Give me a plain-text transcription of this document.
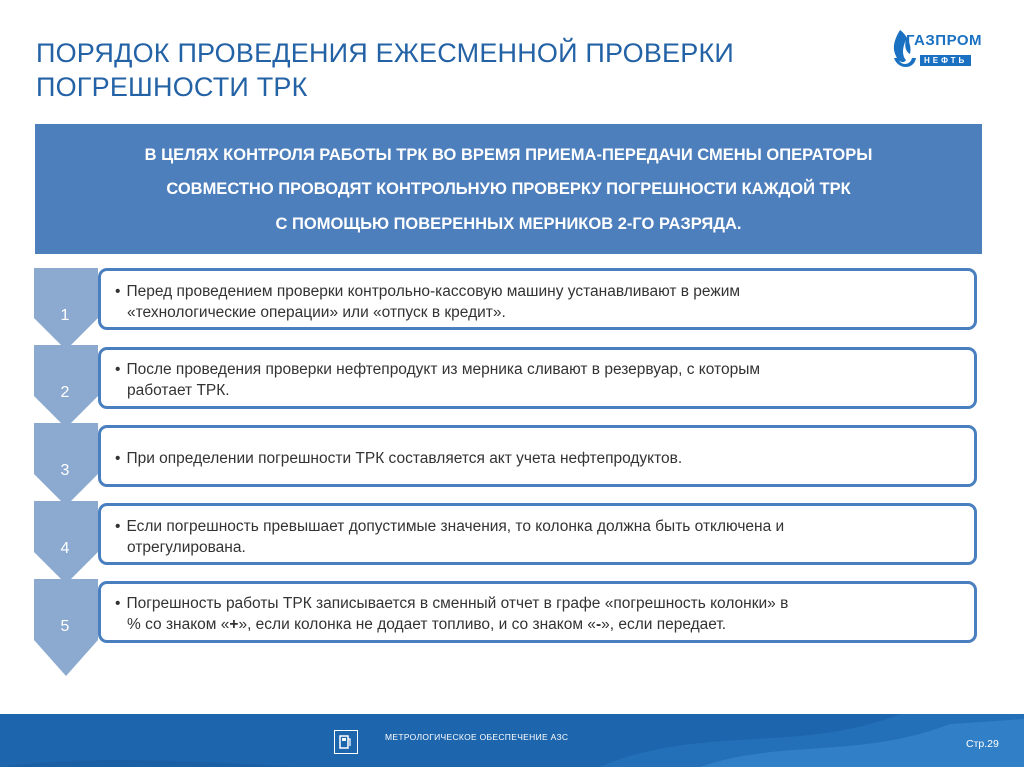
ПОРЯДОК ПРОВЕДЕНИЯ ЕЖЕСМЕННОЙ ПРОВЕРКИ
ПОГРЕШНОСТИ ТРК
ГАЗПРОМ
НЕФТЬ
В ЦЕЛЯХ КОНТРОЛЯ РАБОТЫ ТРК ВО ВРЕМЯ ПРИЕМА-ПЕРЕДАЧИ СМЕНЫ ОПЕРАТОРЫ
СОВМЕСТНО ПРОВОДЯТ КОНТРОЛЬНУЮ ПРОВЕРКУ ПОГРЕШНОСТИ КАЖДОЙ ТРК
С ПОМОЩЬЮ ПОВЕРЕННЫХ МЕРНИКОВ 2-ГО РАЗРЯДА.
1
2
3
4
5
• Перед проведением проверки контрольно-кассовую машину устанавливают в режим
«технологические операции» или «отпуск в кредит».
• После проведения проверки нефтепродукт из мерника сливают в резервуар, с которым
работает ТРК.
• При определении погрешности ТРК составляется акт учета нефтепродуктов.
• Если погрешность превышает допустимые значения, то колонка должна быть отключена и
отрегулирована.
• Погрешность работы ТРК записывается в сменный отчет в графе «погрешность колонки» в
% со знаком «+», если колонка не додает топливо, и со знаком «-», если передает.
МЕТРОЛОГИЧЕСКОЕ ОБЕСПЕЧЕНИЕ АЗС
Стр.29
